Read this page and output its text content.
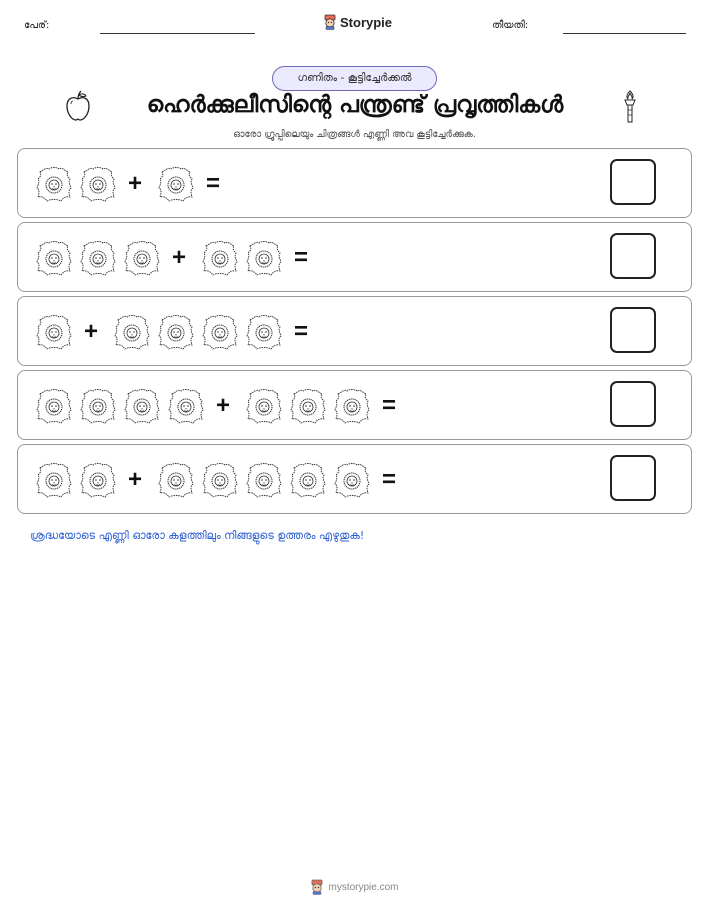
പേര്:	Storypie	തീയതി:
ഗണിതം - കൂട്ടിച്ചേർക്കൽ
ഹെർക്കുലീസിന്റെ പന്ത്രണ്ട് പ്രവൃത്തികൾ
ഓരോ ഗ്രൂപ്പിലെയും ചിത്രങ്ങൾ എണ്ണി അവ കൂട്ടിച്ചേർക്കുക.
+	=
+	=
+	=
+	=
+	=
ശ്രദ്ധയോടെ എണ്ണി ഓരോ കളത്തിലും നിങ്ങളുടെ ഉത്തരം എഴുതുക!
mystorypie.com
